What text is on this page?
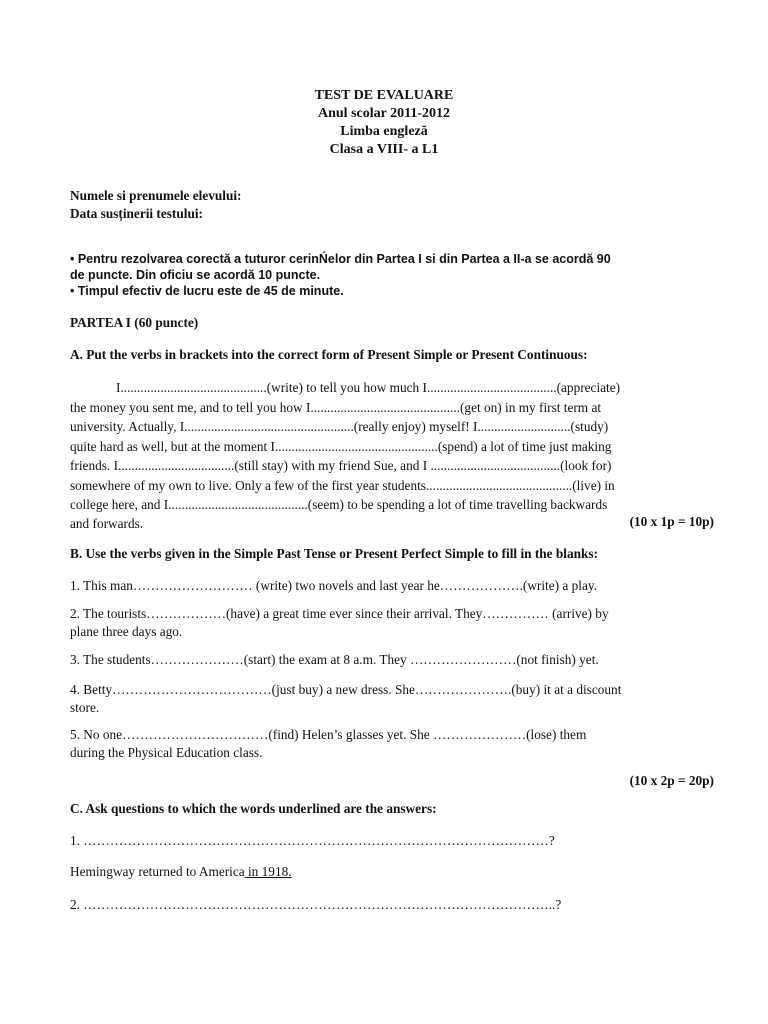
TEST DE EVALUARE
Anul scolar 2011-2012
Limba engleză
Clasa a VIII- a L1
Numele si prenumele elevului:
Data susținerii testului:
• Pentru rezolvarea corectă a tuturor cerinŃelor din Partea I si din Partea a II-a se acordă 90
de puncte. Din oficiu se acordă 10 puncte.
• Timpul efectiv de lucru este de 45 de minute.
PARTEA I (60 puncte)
A. Put the verbs in brackets into the correct form of Present Simple or Present Continuous:
I............................................(write) to tell you how much I.......................................(appreciate)
the money you sent me, and to tell you how I.............................................(get on) in my first term at
university. Actually, I...................................................(really enjoy) myself! I............................(study)
quite hard as well, but at the moment I.................................................(spend) a lot of time just making
friends. I...................................(still stay) with my friend Sue, and I .......................................(look for)
somewhere of my own to live. Only a few of the first year students............................................(live) in
college here, and I..........................................(seem) to be spending a lot of time travelling backwards
and forwards.	(10 x 1p = 10p)
B. Use the verbs given in the Simple Past Tense or Present Perfect Simple to fill in the blanks:
1. This man……………………… (write) two novels and last year he……………….(write) a play.
2. The tourists………………(have) a great time ever since their arrival. They…………… (arrive) by
plane three days ago.
3. The students…………………(start) the exam at 8 a.m. They ……………………(not finish) yet.
4. Betty………………………………(just buy) a new dress. She………………….(buy) it at a discount
store.
5. No one……………………………(find) Helen’s glasses yet. She …………………(lose) them
during the Physical Education class.
(10 x 2p = 20p)
C. Ask questions to which the words underlined are the answers:
1. ……………………………………………………………………………………………?
Hemingway returned to America in 1918.
2. ……………………………………………………………………………………………..?
